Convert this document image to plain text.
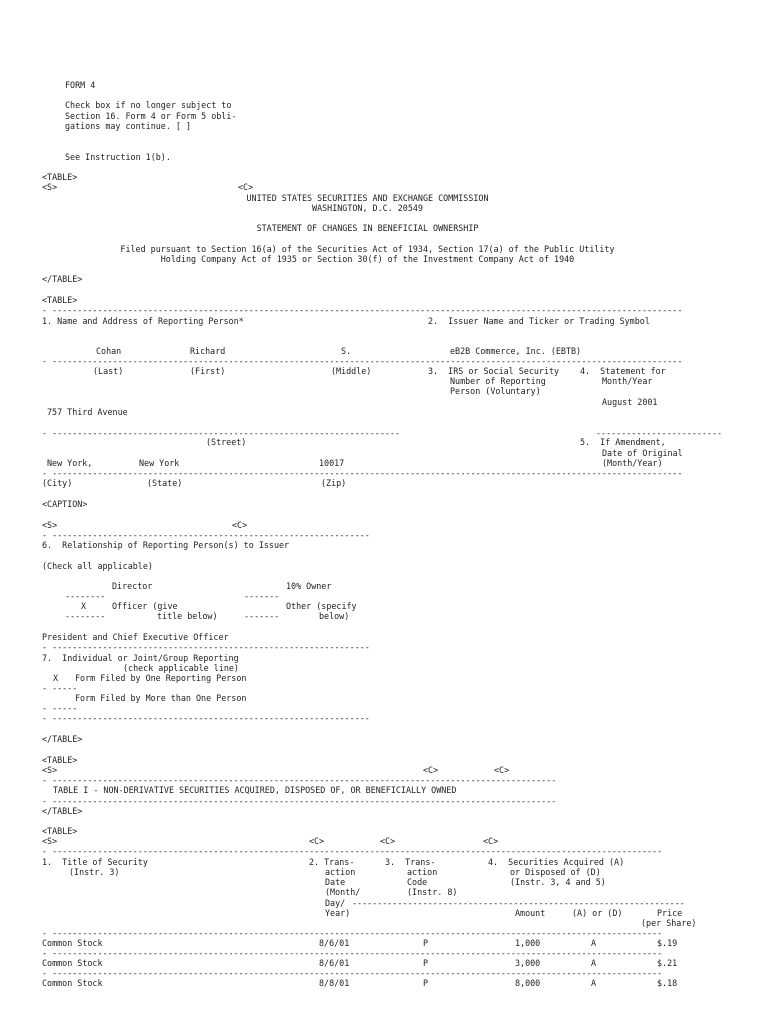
FORM 4
Check box if no longer subject to
Section 16. Form 4 or Form 5 obli-
gations may continue. [ ]
See Instruction 1(b).
<TABLE>
<S>	<C>
UNITED STATES SECURITIES AND EXCHANGE COMMISSION
WASHINGTON, D.C. 20549
STATEMENT OF CHANGES IN BENEFICIAL OWNERSHIP
Filed pursuant to Section 16(a) of the Securities Act of 1934, Section 17(a) of the Public Utility
Holding Company Act of 1935 or Section 30(f) of the Investment Company Act of 1940
</TABLE>
<TABLE>
- -----------------------------------------------------------------------------------------------------------------------------
1. Name and Address of Reporting Person*	2.  Issuer Name and Ticker or Trading Symbol
Cohan	Richard	S.	eB2B Commerce, Inc. (EBTB)
- -----------------------------------------------------------------------------------------------------------------------------
(Last)	(First)	(Middle)	3.  IRS or Social Security
Number of Reporting
Person (Voluntary)
4.  Statement for
Month/Year
August 2001
757 Third Avenue
- ---------------------------------------------------------------------	-------------------------
(Street)	5.  If Amendment,
Date of Original
New York,	New York	10017	(Month/Year)
- -----------------------------------------------------------------------------------------------------------------------------
(City)	(State)	(Zip)
<CAPTION>
<S>	<C>
- ---------------------------------------------------------------
6.  Relationship of Reporting Person(s) to Issuer
(Check all applicable)
Director	10% Owner
--------	-------
X	Officer (give	Other (specify
--------	title below)	-------	below)
President and Chief Executive Officer
- ---------------------------------------------------------------
7.  Individual or Joint/Group Reporting
(check applicable line)
X Form Filed by One Reporting Person
- -----
Form Filed by More than One Person
- -----
- ---------------------------------------------------------------
</TABLE>
<TABLE>
<S>	<C>	<C>
- ----------------------------------------------------------------------------------------------------
TABLE I - NON-DERIVATIVE SECURITIES ACQUIRED, DISPOSED OF, OR BENEFICIALLY OWNED
- ----------------------------------------------------------------------------------------------------
</TABLE>
<TABLE>
<S>	<C>	<C>	<C>
- -------------------------------------------------------------------------------------------------------------------------
1.  Title of Security
(Instr. 3)
2. Trans-
action
Date
(Month/
Day/
Year)
3.  Trans-
action
Code
(Instr. 8)
4.  Securities Acquired (A)
or Disposed of (D)
(Instr. 3, 4 and 5)
------------------------------------------------------------------
Amount	(A) or (D)	Price
(per Share)
- -------------------------------------------------------------------------------------------------------------------------
Common Stock	8/6/01	P	1,000	A	$.19
- -------------------------------------------------------------------------------------------------------------------------
Common Stock	8/6/01	P	3,000	A	$.21
- -------------------------------------------------------------------------------------------------------------------------
Common Stock	8/8/01	P	8,000	A	$.18
